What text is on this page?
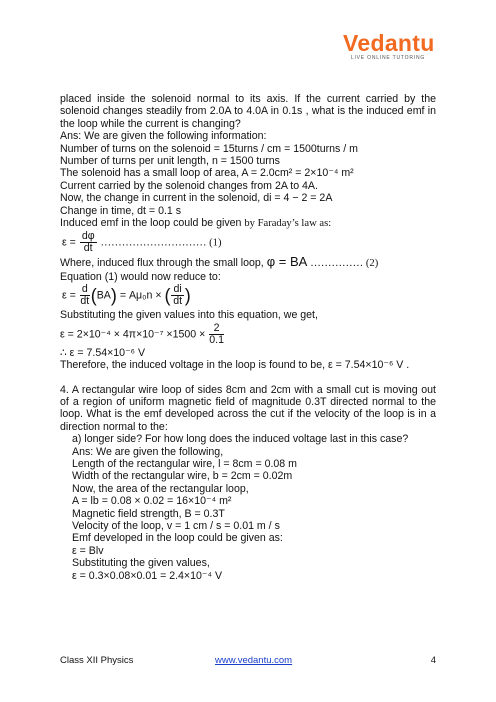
Vedantu
LIVE ONLINE TUTORING

placed inside the solenoid normal to its axis. If the current carried by the solenoid changes steadily from 2.0A to 4.0A in 0.1s , what is the induced emf in the loop while the current is changing?

Ans: We are given the following information:

Number of turns on the solenoid = 15turns / cm = 1500turns / m

Number of turns per unit length, n = 1500 turns

The solenoid has a small loop of area, A = 2.0cm² = 2×10⁻⁴ m²

Current carried by the solenoid changes from 2A to 4A.

Now, the change in current in the solenoid, di = 4 − 2 = 2A

Change in time, dt = 0.1 s

Induced emf in the loop could be given by Faraday’s law as:

$\varepsilon = \frac{d\varphi}{dt}$ ………………………… (1)

Where, induced flux through the small loop, φ = BA …………… (2)

Equation (1) would now reduce to:

$\varepsilon = \frac{d}{dt} (BA) = A\mu_0n$ × ( $\frac{di}{dt}$ )

Substituting the given values into this equation, we get,

$\varepsilon = 2\times 10^{-4} \times 4\pi\times 10^{-7} \times 1500 \times \frac{2}{0.1}$

∴ ε = 7.54×10⁻⁶ V

Therefore, the induced voltage in the loop is found to be, ε = 7.54×10⁻⁶ V .

4. A rectangular wire loop of sides 8cm and 2cm with a small cut is moving out of a region of uniform magnetic field of magnitude 0.3T directed normal to the loop. What is the emf developed across the cut if the velocity of the loop is in a direction normal to the:

a) longer side? For how long does the induced voltage last in this case?

Ans: We are given the following,

Length of the rectangular wire, l = 8cm = 0.08 m

Width of the rectangular wire, b = 2cm = 0.02m

Now, the area of the rectangular loop,

A = lb = 0.08 × 0.02 = 16×10⁻⁴ m²

Magnetic field strength, B = 0.3T

Velocity of the loop, v = 1 cm / s = 0.01 m / s

Emf developed in the loop could be given as:

ε = Blv

Substituting the given values,

ε = 0.3×0.08×0.01 = 2.4×10⁻⁴ V

Class XII Physics	www.vedantu.com	4
